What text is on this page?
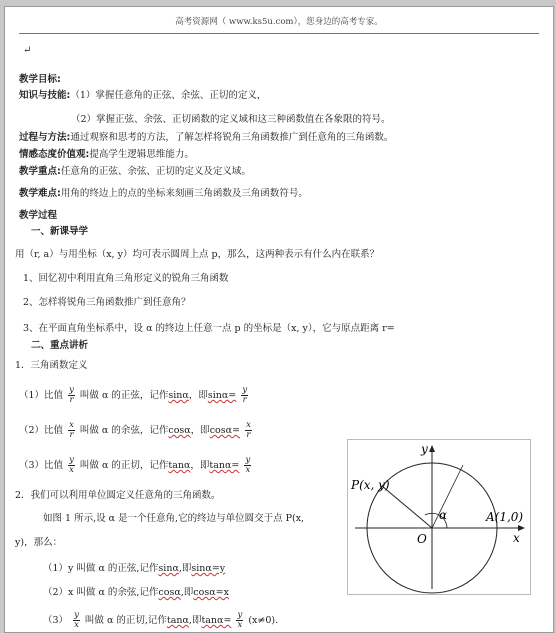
高考资源网（ www.ks5u.com），您身边的高考专家。
↵
教学目标:
知识与技能:（1）掌握任意角的正弦、余弦、正切的定义，
（2）掌握正弦、余弦、正切函数的定义域和这三种函数值在各象限的符号。
过程与方法:通过观察和思考的方法，了解怎样将锐角三角函数推广到任意角的三角函数。
情感态度价值观:提高学生逻辑思维能力。
教学重点:任意角的正弦、余弦、正切的定义及定义域。
教学难点:用角的终边上的点的坐标来刻画三角函数及三角函数符号。
教学过程
一、新课导学
用（r, a）与用坐标（x, y）均可表示圆周上点 p，那么，这两种表示有什么内在联系？
1、回忆初中利用直角三角形定义的锐角三角函数
2、怎样将锐角三角函数推广到任意角？
3、在平面直角坐标系中，设 α 的终边上任意一点 p 的坐标是（x, y），它与原点距离 r=
二、重点讲析
1．三角函数定义
（1）比值 $\frac{y}{r}$ 叫做 α 的正弦，记作sinα，即$\sin\alpha= \frac{y}{r}$
（2）比值 $\frac{x}{r}$ 叫做 α 的余弦，记作cosα，即$\cos\alpha= \frac{x}{r}$
（3）比值 $\frac{y}{x}$ 叫做 α 的正切，记作tanα，即$\tan\alpha= \frac{y}{x}$
2．我们可以利用单位圆定义任意角的三角函数。
如图 1 所示,设 α 是一个任意角,它的终边与单位圆交于点 P(x,
y)，那么：
（1）y 叫做 α 的正弦,记作sinα,即sinα=y
（2）x 叫做 α 的余弦,记作cosα,即cosα=x
$(3) \frac{y}{x}$ 叫做 α 的正切,记作tanα,即$\tan\alpha= \frac{y}{x} (x\ne 0)$.
y
x
O
P(x, y)
A(1,0)
α
